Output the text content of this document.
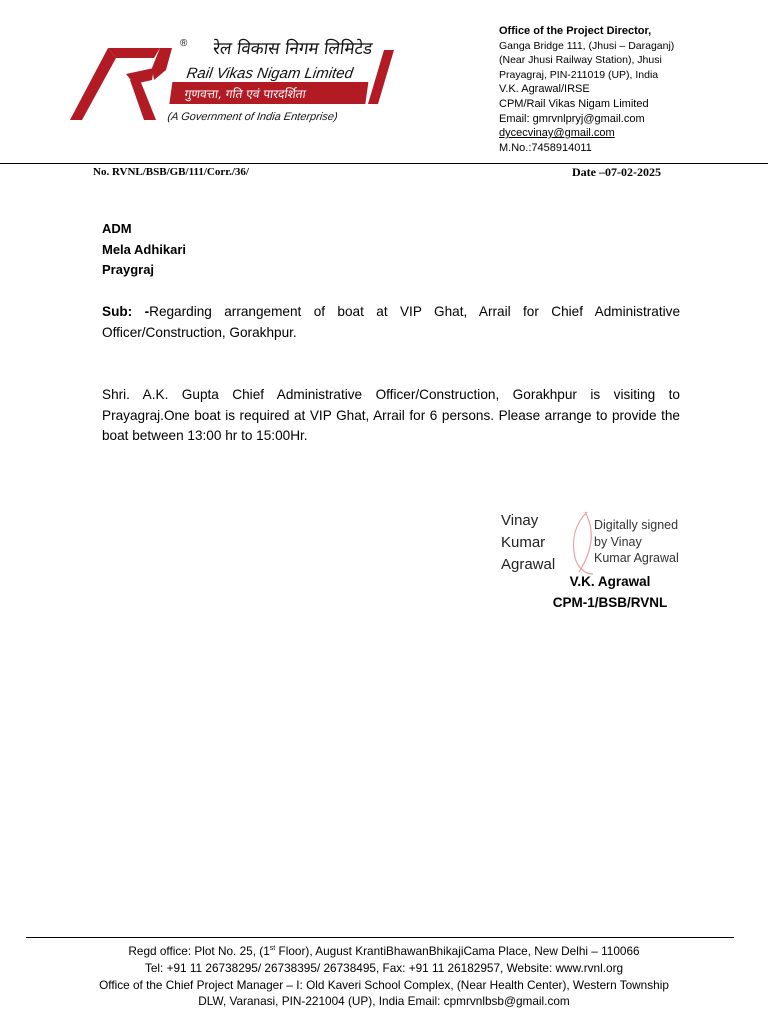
रेल विकास निगम लिमिटेड
Rail Vikas Nigam Limited
गुणवत्ता, गति एवं पारदर्शिता
(A Government of India Enterprise)
®
Office of the Project Director,
Ganga Bridge 111, (Jhusi – Daraganj)
(Near Jhusi Railway Station), Jhusi
Prayagraj, PIN-211019 (UP), India
V.K. Agrawal/IRSE
CPM/Rail Vikas Nigam Limited
Email: gmrvnlpryj@gmail.com
dycecvinay@gmail.com
M.No.:7458914011
No. RVNL/BSB/GB/111/Corr./36/	Date –07-02-2025
ADM
Mela Adhikari
Praygraj
Sub: -Regarding arrangement of boat at VIP Ghat, Arrail for Chief Administrative Officer/Construction, Gorakhpur.
Shri. A.K. Gupta Chief Administrative Officer/Construction, Gorakhpur is visiting to Prayagraj.One boat is required at VIP Ghat, Arrail for 6 persons. Please arrange to provide the boat between 13:00 hr to 15:00Hr.
Vinay
Kumar
Agrawal
Digitally signed
by Vinay
Kumar Agrawal
V.K. Agrawal
CPM-1/BSB/RVNL
Regd office: Plot No. 25, (1st Floor), August KrantiBhawanBhikajiCama Place, New Delhi – 110066
Tel: +91 11 26738295/ 26738395/ 26738495, Fax: +91 11 26182957, Website: www.rvnl.org
Office of the Chief Project Manager – I: Old Kaveri School Complex, (Near Health Center), Western Township
DLW, Varanasi, PIN-221004 (UP), India Email: cpmrvnlbsb@gmail.com
